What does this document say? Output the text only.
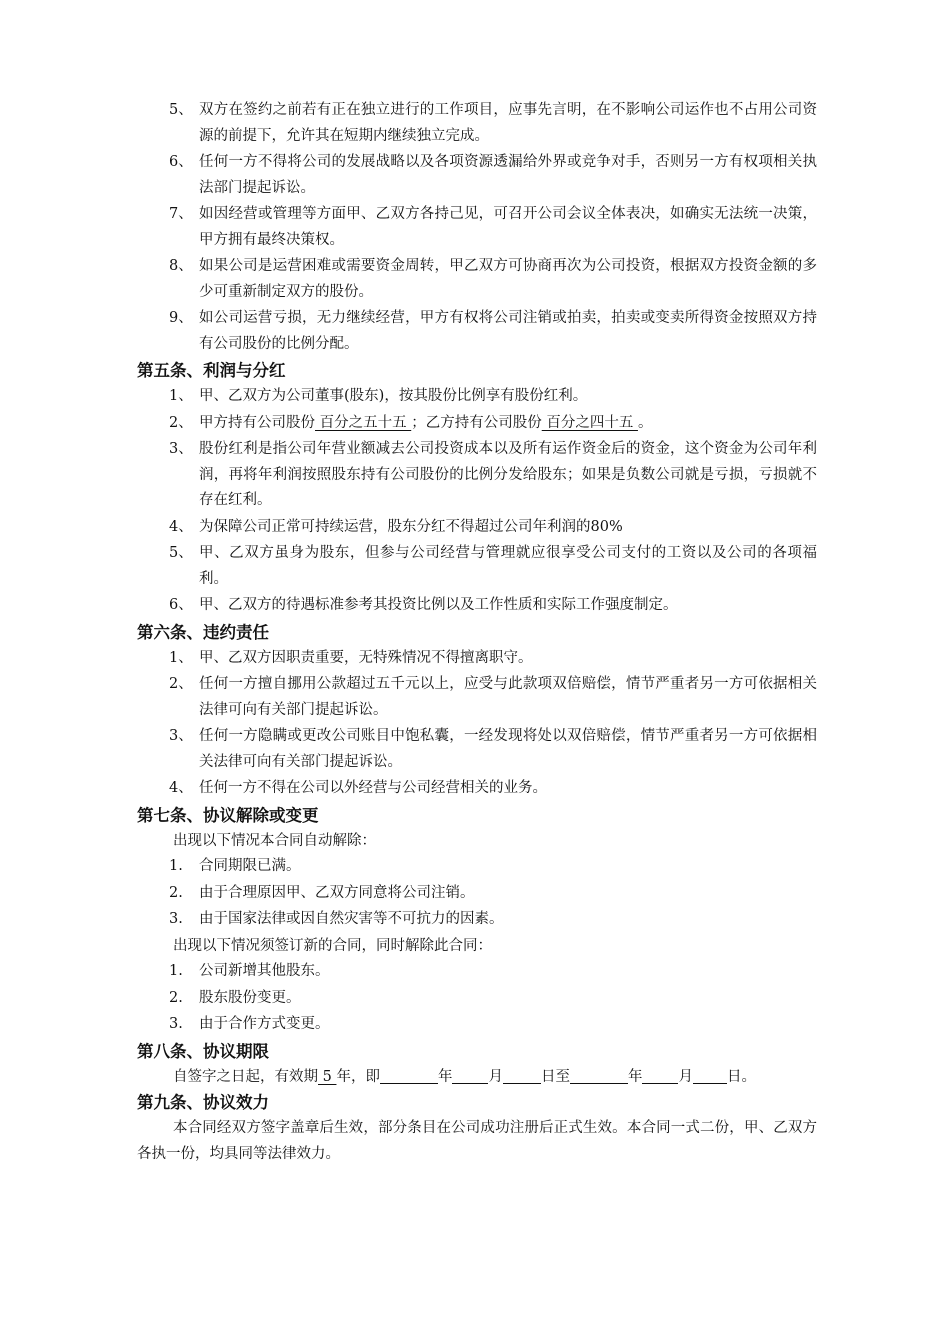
5、 双方在签约之前若有正在独立进行的工作项目，应事先言明，在不影响公司运作也不占用公司资源的前提下，允许其在短期内继续独立完成。
6、 任何一方不得将公司的发展战略以及各项资源透漏给外界或竞争对手，否则另一方有权项相关执法部门提起诉讼。
7、 如因经营或管理等方面甲、乙双方各持己见，可召开公司会议全体表决，如确实无法统一决策，甲方拥有最终决策权。
8、 如果公司是运营困难或需要资金周转，甲乙双方可协商再次为公司投资，根据双方投资金额的多少可重新制定双方的股份。
9、 如公司运营亏损，无力继续经营，甲方有权将公司注销或拍卖，拍卖或变卖所得资金按照双方持有公司股份的比例分配。
第五条、利润与分红
1、 甲、乙双方为公司董事(股东)，按其股份比例享有股份红利。
2、 甲方持有公司股份 百分之五十五 ；乙方持有公司股份 百分之四十五 。
3、 股份红利是指公司年营业额减去公司投资成本以及所有运作资金后的资金，这个资金为公司年利润，再将年利润按照股东持有公司股份的比例分发给股东；如果是负数公司就是亏损，亏损就不存在红利。
4、 为保障公司正常可持续运营，股东分红不得超过公司年利润的80%
5、 甲、乙双方虽身为股东，但参与公司经营与管理就应很享受公司支付的工资以及公司的各项福利。
6、 甲、乙双方的待遇标准参考其投资比例以及工作性质和实际工作强度制定。
第六条、违约责任
1、 甲、乙双方因职责重要，无特殊情况不得擅离职守。
2、 任何一方擅自挪用公款超过五千元以上，应受与此款项双倍赔偿，情节严重者另一方可依据相关法律可向有关部门提起诉讼。
3、 任何一方隐瞒或更改公司账目中饱私囊，一经发现将处以双倍赔偿，情节严重者另一方可依据相关法律可向有关部门提起诉讼。
4、 任何一方不得在公司以外经营与公司经营相关的业务。
第七条、协议解除或变更
出现以下情况本合同自动解除：
1. 合同期限已满。
2. 由于合理原因甲、乙双方同意将公司注销。
3. 由于国家法律或因自然灾害等不可抗力的因素。
出现以下情况须签订新的合同，同时解除此合同：
1. 公司新增其他股东。
2. 股东股份变更。
3. 由于合作方式变更。
第八条、协议期限
自签字之日起，有效期 5 年，即	年 月	日至	年 月 日。
第九条、协议效力
本合同经双方签字盖章后生效，部分条目在公司成功注册后正式生效。本合同一式二份，甲、乙双方各执一份，均具同等法律效力。
